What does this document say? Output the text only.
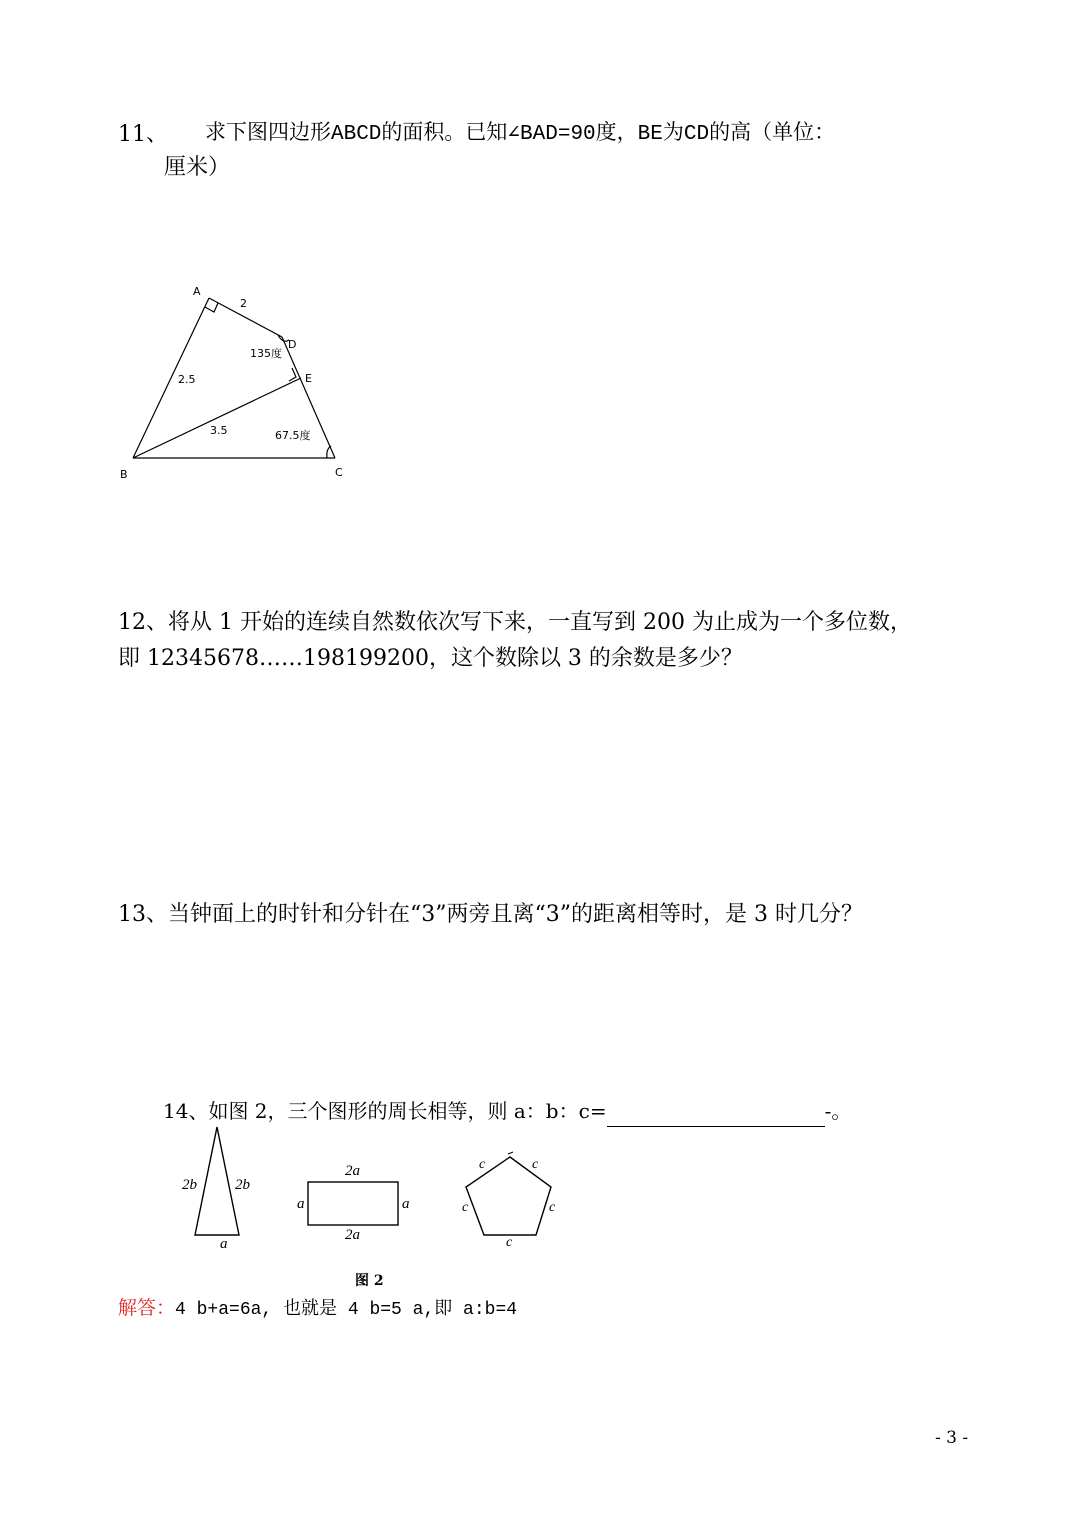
11、 求下图四边形ABCD的面积。已知∠BAD=90度，BE为CD的高（单位：
厘米）
A
B	C
D
E
2
2.5
3.5
135度
67.5度
12、将从 1 开始的连续自然数依次写下来，一直写到 200 为止成为一个多位数，
即 12345678……198199200，这个数除以 3 的余数是多少？
13、当钟面上的时针和分针在“3”两旁且离“3”的距离相等时，是 3 时几分？
14、如图 2，三个图形的周长相等，则 a：b：c=	-。
2b	2b
a
2a
2a
a	a
c	c
c	c
c
图 2
解答：4 b+a=6a, 也就是 4 b=5 a,即 a:b=4
- 3 -
